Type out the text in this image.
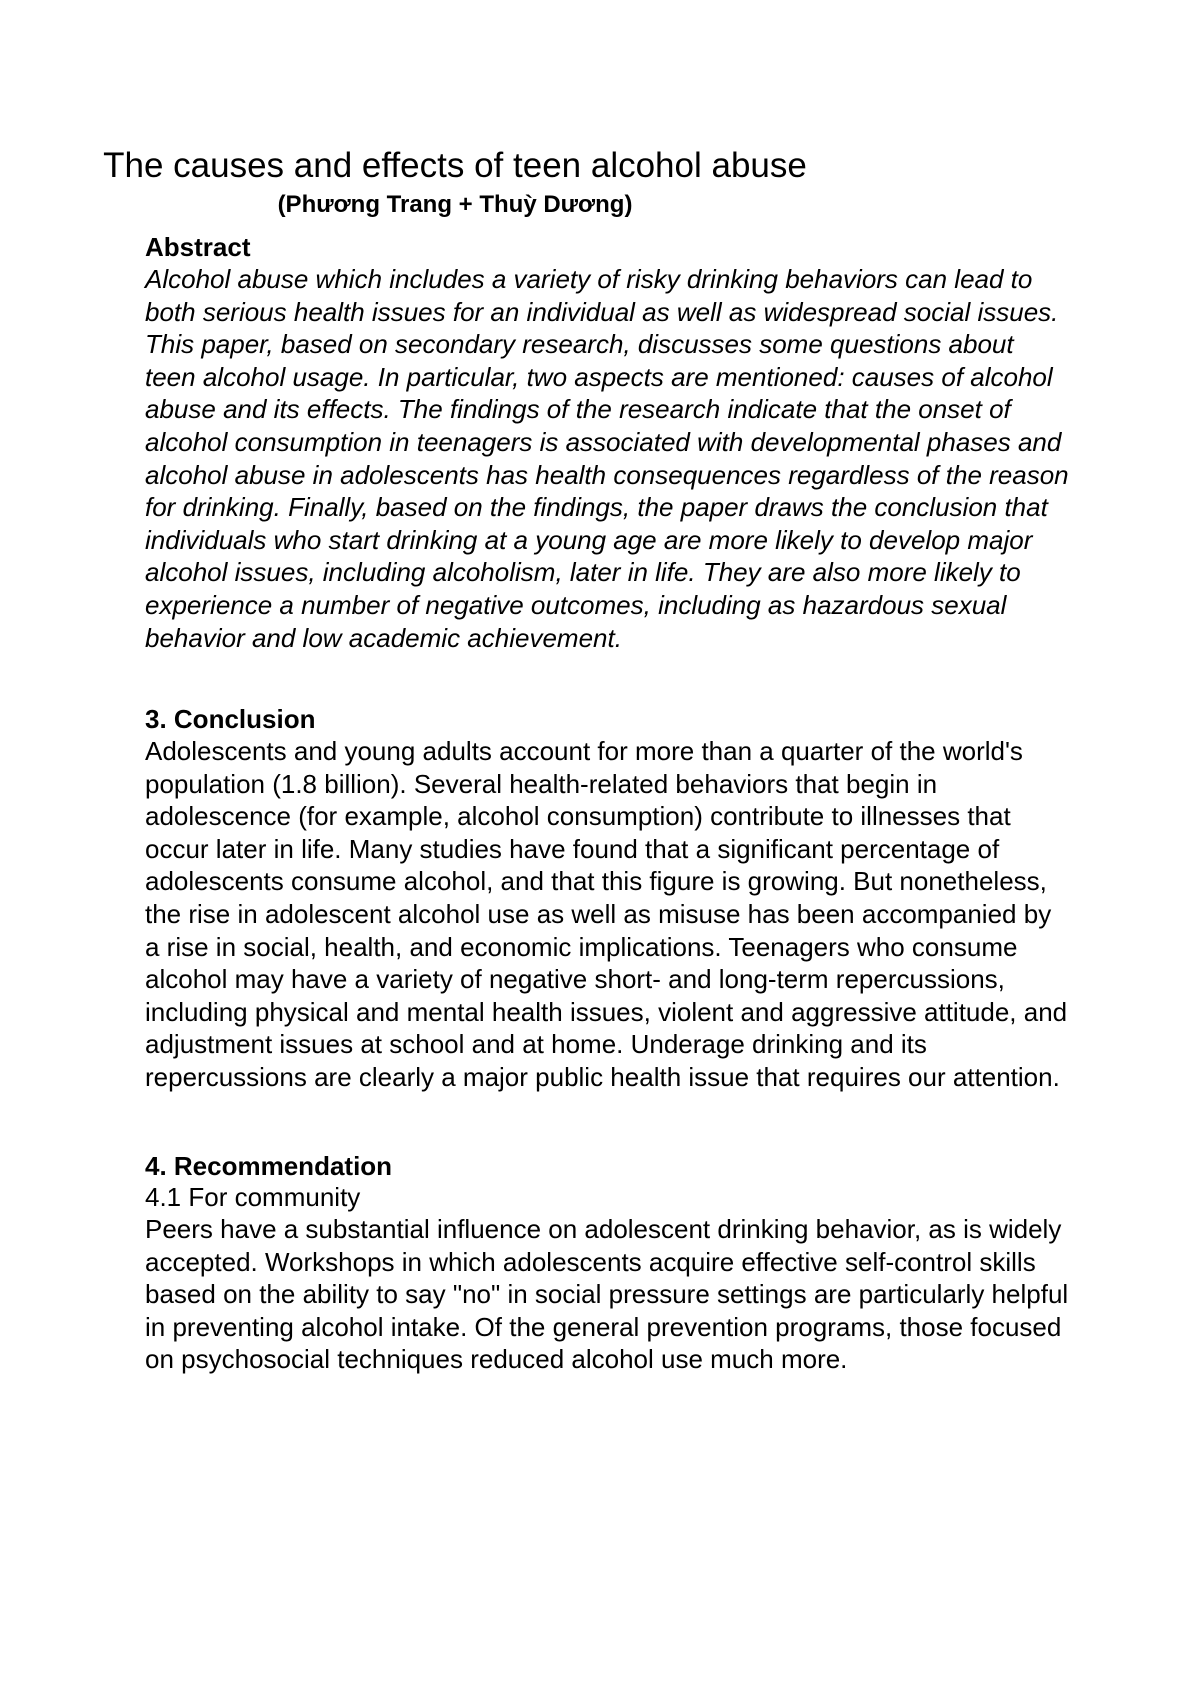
The causes and effects of teen alcohol abuse

(Phương Trang + Thuỳ Dương)

Abstract

Alcohol abuse which includes a variety of risky drinking behaviors can lead to both serious health issues for an individual as well as widespread social issues. This paper, based on secondary research, discusses some questions about teen alcohol usage. In particular, two aspects are mentioned: causes of alcohol abuse and its effects. The findings of the research indicate that the onset of alcohol consumption in teenagers is associated with developmental phases and alcohol abuse in adolescents has health consequences regardless of the reason for drinking. Finally, based on the findings, the paper draws the conclusion that individuals who start drinking at a young age are more likely to develop major alcohol issues, including alcoholism, later in life. They are also more likely to experience a number of negative outcomes, including as hazardous sexual behavior and low academic achievement.

3. Conclusion

Adolescents and young adults account for more than a quarter of the world's population (1.8 billion). Several health-related behaviors that begin in adolescence (for example, alcohol consumption) contribute to illnesses that occur later in life. Many studies have found that a significant percentage of adolescents consume alcohol, and that this figure is growing. But nonetheless, the rise in adolescent alcohol use as well as misuse has been accompanied by a rise in social, health, and economic implications. Teenagers who consume alcohol may have a variety of negative short- and long-term repercussions, including physical and mental health issues, violent and aggressive attitude, and adjustment issues at school and at home. Underage drinking and its repercussions are clearly a major public health issue that requires our attention.

4. Recommendation

4.1 For community

Peers have a substantial influence on adolescent drinking behavior, as is widely accepted. Workshops in which adolescents acquire effective self-control skills based on the ability to say "no" in social pressure settings are particularly helpful in preventing alcohol intake. Of the general prevention programs, those focused on psychosocial techniques reduced alcohol use much more.
